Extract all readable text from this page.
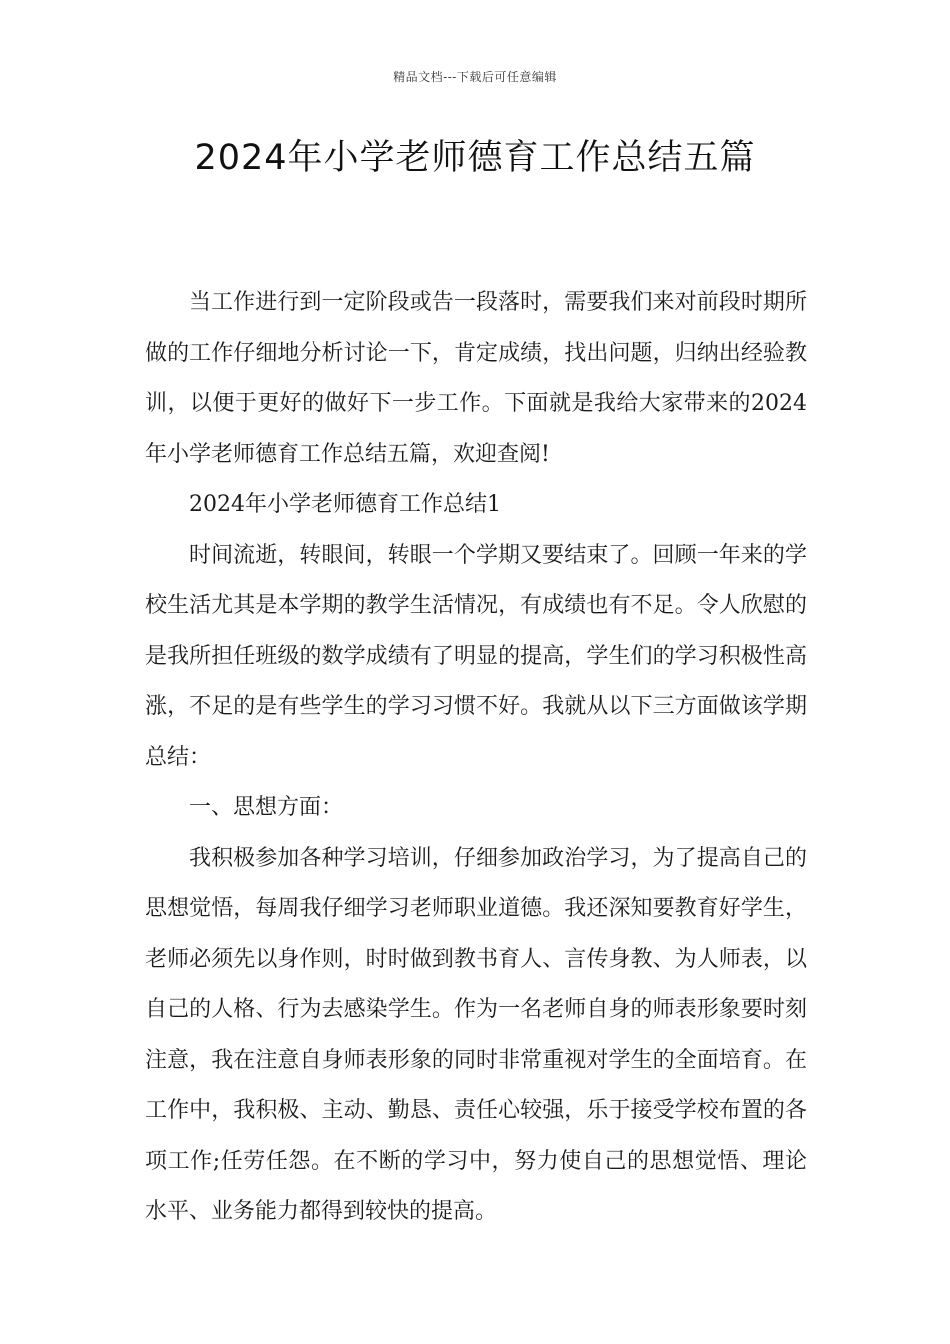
精品文档---下载后可任意编辑
2024年小学老师德育工作总结五篇

当工作进行到一定阶段或告一段落时，需要我们来对前段时期所做的工作仔细地分析讨论一下，肯定成绩，找出问题，归纳出经验教训，以便于更好的做好下一步工作。下面就是我给大家带来的2024年小学老师德育工作总结五篇，欢迎查阅!

2024年小学老师德育工作总结1

时间流逝，转眼间，转眼一个学期又要结束了。回顾一年来的学校生活尤其是本学期的教学生活情况，有成绩也有不足。令人欣慰的是我所担任班级的数学成绩有了明显的提高，学生们的学习积极性高涨，不足的是有些学生的学习习惯不好。我就从以下三方面做该学期总结：

一、思想方面：

我积极参加各种学习培训，仔细参加政治学习，为了提高自己的思想觉悟，每周我仔细学习老师职业道德。我还深知要教育好学生，老师必须先以身作则，时时做到教书育人、言传身教、为人师表，以自己的人格、行为去感染学生。作为一名老师自身的师表形象要时刻注意，我在注意自身师表形象的同时非常重视对学生的全面培育。在工作中，我积极、主动、勤恳、责任心较强，乐于接受学校布置的各项工作;任劳任怨。在不断的学习中，努力使自己的思想觉悟、理论水平、业务能力都得到较快的提高。
